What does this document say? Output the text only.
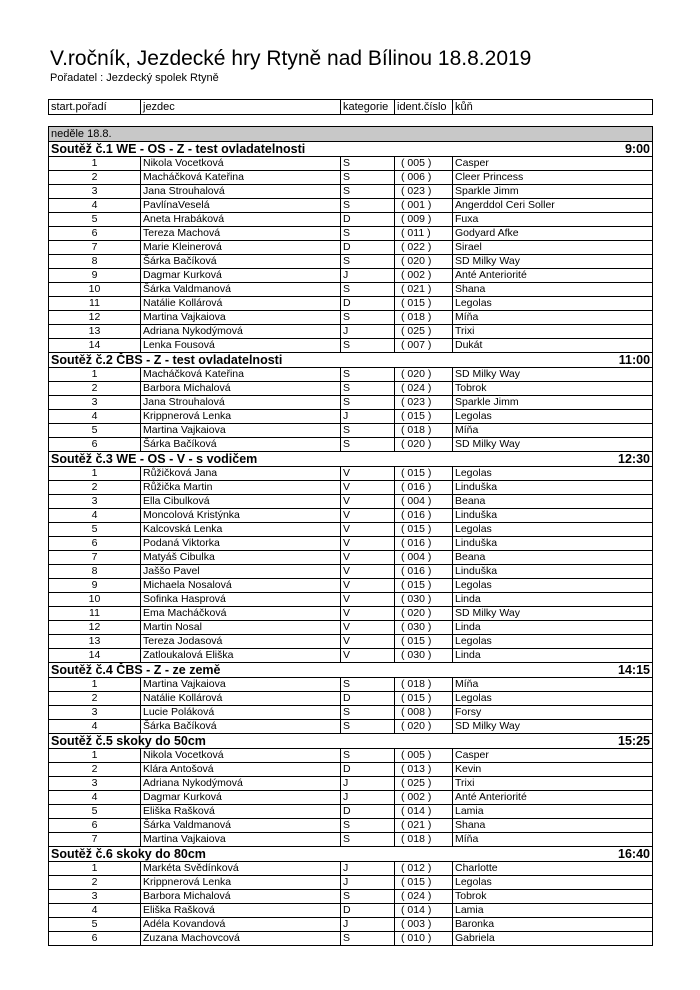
V.ročník, Jezdecké hry Rtyně nad Bílinou 18.8.2019
Pořadatel : Jezdecký spolek Rtyně
start.pořadí	jezdec	kategorie	ident.číslo	kůň
neděle 18.8.				
Soutěž č.1 WE - OS - Z - test ovladatelnosti				9:00
1	Nikola Vocetková	S	( 005 )	Casper
2	Macháčková Kateřina	S	( 006 )	Cleer Princess
3	Jana Strouhalová	S	( 023 )	Sparkle Jimm
4	PavlínaVeselá	S	( 001 )	Angerddol Ceri Soller
5	Aneta Hrabáková	D	( 009 )	Fuxa
6	Tereza Machová	S	( 011 )	Godyard Afke
7	Marie Kleinerová	D	( 022 )	Sirael
8	Šárka Bačíková	S	( 020 )	SD Milky Way
9	Dagmar Kurková	J	( 002 )	Anté Anteriorité
10	Šárka Valdmanová	S	( 021 )	Shana
11	Natálie Kollárová	D	( 015 )	Legolas
12	Martina Vajkaiova	S	( 018 )	Míňa
13	Adriana Nykodýmová	J	( 025 )	Trixi
14	Lenka Fousová	S	( 007 )	Dukát
Soutěž č.2 ČBS - Z - test ovladatelnosti				11:00
1	Macháčková Kateřina	S	( 020 )	SD Milky Way
2	Barbora Michalová	S	( 024 )	Tobrok
3	Jana Strouhalová	S	( 023 )	Sparkle Jimm
4	Krippnerová Lenka	J	( 015 )	Legolas
5	Martina Vajkaiova	S	( 018 )	Míňa
6	Šárka Bačíková	S	( 020 )	SD Milky Way
Soutěž č.3 WE - OS - V - s vodičem				12:30
1	Růžičková Jana	V	( 015 )	Legolas
2	Růžička Martin	V	( 016 )	Linduška
3	Ella Cibulková	V	( 004 )	Beana
4	Moncolová Kristýnka	V	( 016 )	Linduška
5	Kalcovská Lenka	V	( 015 )	Legolas
6	Podaná Viktorka	V	( 016 )	Linduška
7	Matyáš Cibulka	V	( 004 )	Beana
8	Jaššo Pavel	V	( 016 )	Linduška
9	Michaela Nosalová	V	( 015 )	Legolas
10	Sofinka Hasprová	V	( 030 )	Linda
11	Ema Macháčková	V	( 020 )	SD Milky Way
12	Martin Nosal	V	( 030 )	Linda
13	Tereza Jodasová	V	( 015 )	Legolas
14	Zatloukalová Eliška	V	( 030 )	Linda
Soutěž č.4 ČBS - Z - ze země				14:15
1	Martina Vajkaiova	S	( 018 )	Míňa
2	Natálie Kollárová	D	( 015 )	Legolas
3	Lucie Poláková	S	( 008 )	Forsy
4	Šárka Bačíková	S	( 020 )	SD Milky Way
Soutěž č.5 skoky do 50cm				15:25
1	Nikola Vocetková	S	( 005 )	Casper
2	Klára Antošová	D	( 013 )	Kevin
3	Adriana Nykodýmová	J	( 025 )	Trixi
4	Dagmar Kurková	J	( 002 )	Anté Anteriorité
5	Eliška Rašková	D	( 014 )	Lamia
6	Šárka Valdmanová	S	( 021 )	Shana
7	Martina Vajkaiova	S	( 018 )	Míňa
Soutěž č.6 skoky do 80cm				16:40
1	Markéta Svědínková	J	( 012 )	Charlotte
2	Krippnerová Lenka	J	( 015 )	Legolas
3	Barbora Michalová	S	( 024 )	Tobrok
4	Eliška Rašková	D	( 014 )	Lamia
5	Adéla Kovandová	J	( 003 )	Baronka
6	Zuzana Machovcová	S	( 010 )	Gabriela
